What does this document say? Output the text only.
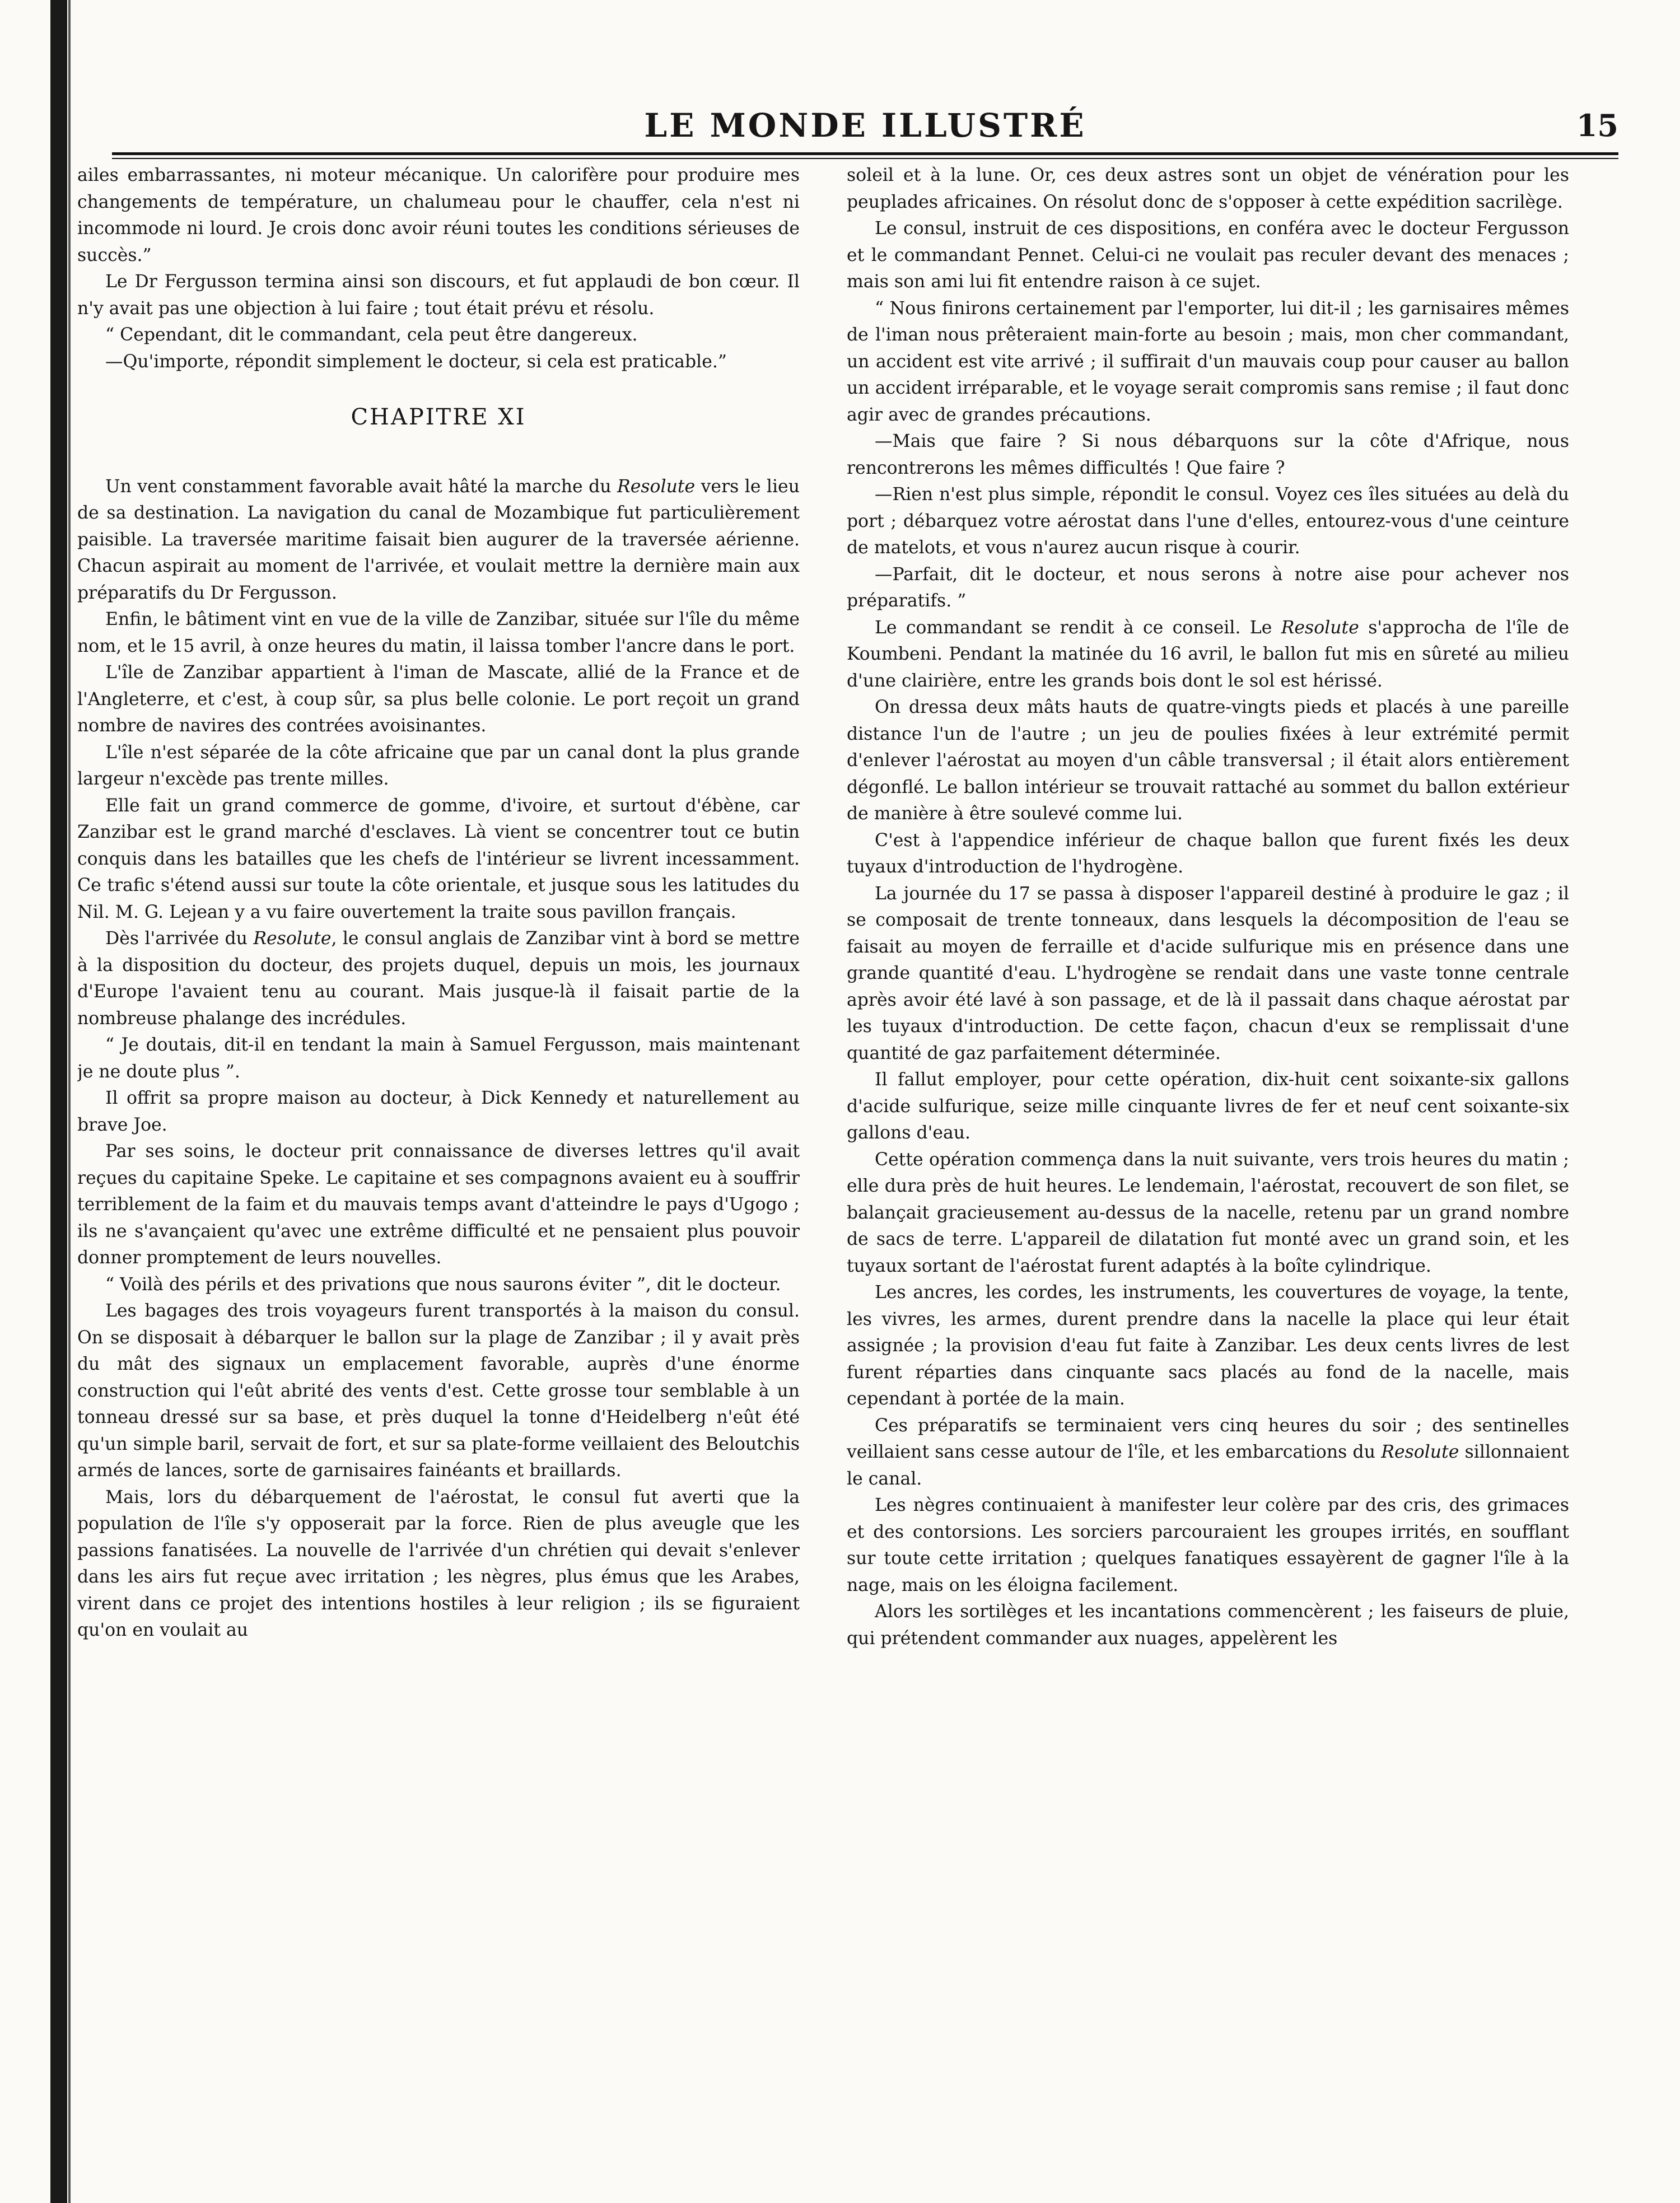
LE MONDE ILLUSTRÉ	15

ailes embarrassantes, ni moteur mécanique. Un calorifère pour produire mes changements de température, un chalumeau pour le chauffer, cela n'est ni incommode ni lourd. Je crois donc avoir réuni toutes les conditions sérieuses de succès.”

Le Dr Fergusson termina ainsi son discours, et fut applaudi de bon cœur. Il n'y avait pas une objection à lui faire ; tout était prévu et résolu.

“ Cependant, dit le commandant, cela peut être dangereux.

—Qu'importe, répondit simplement le docteur, si cela est praticable.”

CHAPITRE XI

Un vent constamment favorable avait hâté la marche du Resolute vers le lieu de sa destination. La navigation du canal de Mozambique fut particulièrement paisible. La traversée maritime faisait bien augurer de la traversée aérienne. Chacun aspirait au moment de l'arrivée, et voulait mettre la dernière main aux préparatifs du Dr Fergusson.

Enfin, le bâtiment vint en vue de la ville de Zanzibar, située sur l'île du même nom, et le 15 avril, à onze heures du matin, il laissa tomber l'ancre dans le port.

L'île de Zanzibar appartient à l'iman de Mascate, allié de la France et de l'Angleterre, et c'est, à coup sûr, sa plus belle colonie. Le port reçoit un grand nombre de navires des contrées avoisinantes.

L'île n'est séparée de la côte africaine que par un canal dont la plus grande largeur n'excède pas trente milles.

Elle fait un grand commerce de gomme, d'ivoire, et surtout d'ébène, car Zanzibar est le grand marché d'esclaves. Là vient se concentrer tout ce butin conquis dans les batailles que les chefs de l'intérieur se livrent incessamment. Ce trafic s'étend aussi sur toute la côte orientale, et jusque sous les latitudes du Nil. M. G. Lejean y a vu faire ouvertement la traite sous pavillon français.

Dès l'arrivée du Resolute, le consul anglais de Zanzibar vint à bord se mettre à la disposition du docteur, des projets duquel, depuis un mois, les journaux d'Europe l'avaient tenu au courant. Mais jusque-là il faisait partie de la nombreuse phalange des incrédules.

“ Je doutais, dit-il en tendant la main à Samuel Fergusson, mais maintenant je ne doute plus ”.

Il offrit sa propre maison au docteur, à Dick Kennedy et naturellement au brave Joe.

Par ses soins, le docteur prit connaissance de diverses lettres qu'il avait reçues du capitaine Speke. Le capitaine et ses compagnons avaient eu à souffrir terriblement de la faim et du mauvais temps avant d'atteindre le pays d'Ugogo ; ils ne s'avançaient qu'avec une extrême difficulté et ne pensaient plus pouvoir donner promptement de leurs nouvelles.

“ Voilà des périls et des privations que nous saurons éviter ”, dit le docteur.

Les bagages des trois voyageurs furent transportés à la maison du consul. On se disposait à débarquer le ballon sur la plage de Zanzibar ; il y avait près du mât des signaux un emplacement favorable, auprès d'une énorme construction qui l'eût abrité des vents d'est. Cette grosse tour semblable à un tonneau dressé sur sa base, et près duquel la tonne d'Heidelberg n'eût été qu'un simple baril, servait de fort, et sur sa plate-forme veillaient des Beloutchis armés de lances, sorte de garnisaires fainéants et braillards.

Mais, lors du débarquement de l'aérostat, le consul fut averti que la population de l'île s'y opposerait par la force. Rien de plus aveugle que les passions fanatisées. La nouvelle de l'arrivée d'un chrétien qui devait s'enlever dans les airs fut reçue avec irritation ; les nègres, plus émus que les Arabes, virent dans ce projet des intentions hostiles à leur religion ; ils se figuraient qu'on en voulait au

soleil et à la lune. Or, ces deux astres sont un objet de vénération pour les peuplades africaines. On résolut donc de s'opposer à cette expédition sacrilège.

Le consul, instruit de ces dispositions, en conféra avec le docteur Fergusson et le commandant Pennet. Celui-ci ne voulait pas reculer devant des menaces ; mais son ami lui fit entendre raison à ce sujet.

“ Nous finirons certainement par l'emporter, lui dit-il ; les garnisaires mêmes de l'iman nous prêteraient main-forte au besoin ; mais, mon cher commandant, un accident est vite arrivé ; il suffirait d'un mauvais coup pour causer au ballon un accident irréparable, et le voyage serait compromis sans remise ; il faut donc agir avec de grandes précautions.

—Mais que faire ? Si nous débarquons sur la côte d'Afrique, nous rencontrerons les mêmes difficultés ! Que faire ?

—Rien n'est plus simple, répondit le consul. Voyez ces îles situées au delà du port ; débarquez votre aérostat dans l'une d'elles, entourez-vous d'une ceinture de matelots, et vous n'aurez aucun risque à courir.

—Parfait, dit le docteur, et nous serons à notre aise pour achever nos préparatifs. ”

Le commandant se rendit à ce conseil. Le Resolute s'approcha de l'île de Koumbeni. Pendant la matinée du 16 avril, le ballon fut mis en sûreté au milieu d'une clairière, entre les grands bois dont le sol est hérissé.

On dressa deux mâts hauts de quatre-vingts pieds et placés à une pareille distance l'un de l'autre ; un jeu de poulies fixées à leur extrémité permit d'enlever l'aérostat au moyen d'un câble transversal ; il était alors entièrement dégonflé. Le ballon intérieur se trouvait rattaché au sommet du ballon extérieur de manière à être soulevé comme lui.

C'est à l'appendice inférieur de chaque ballon que furent fixés les deux tuyaux d'introduction de l'hydrogène.

La journée du 17 se passa à disposer l'appareil destiné à produire le gaz ; il se composait de trente tonneaux, dans lesquels la décomposition de l'eau se faisait au moyen de ferraille et d'acide sulfurique mis en présence dans une grande quantité d'eau. L'hydrogène se rendait dans une vaste tonne centrale après avoir été lavé à son passage, et de là il passait dans chaque aérostat par les tuyaux d'introduction. De cette façon, chacun d'eux se remplissait d'une quantité de gaz parfaitement déterminée.

Il fallut employer, pour cette opération, dix-huit cent soixante-six gallons d'acide sulfurique, seize mille cinquante livres de fer et neuf cent soixante-six gallons d'eau.

Cette opération commença dans la nuit suivante, vers trois heures du matin ; elle dura près de huit heures. Le lendemain, l'aérostat, recouvert de son filet, se balançait gracieusement au-dessus de la nacelle, retenu par un grand nombre de sacs de terre. L'appareil de dilatation fut monté avec un grand soin, et les tuyaux sortant de l'aérostat furent adaptés à la boîte cylindrique.

Les ancres, les cordes, les instruments, les couvertures de voyage, la tente, les vivres, les armes, durent prendre dans la nacelle la place qui leur était assignée ; la provision d'eau fut faite à Zanzibar. Les deux cents livres de lest furent réparties dans cinquante sacs placés au fond de la nacelle, mais cependant à portée de la main.

Ces préparatifs se terminaient vers cinq heures du soir ; des sentinelles veillaient sans cesse autour de l'île, et les embarcations du Resolute sillonnaient le canal.

Les nègres continuaient à manifester leur colère par des cris, des grimaces et des contorsions. Les sorciers parcouraient les groupes irrités, en soufflant sur toute cette irritation ; quelques fanatiques essayèrent de gagner l'île à la nage, mais on les éloigna facilement.

Alors les sortilèges et les incantations commencèrent ; les faiseurs de pluie, qui prétendent commander aux nuages, appelèrent les
